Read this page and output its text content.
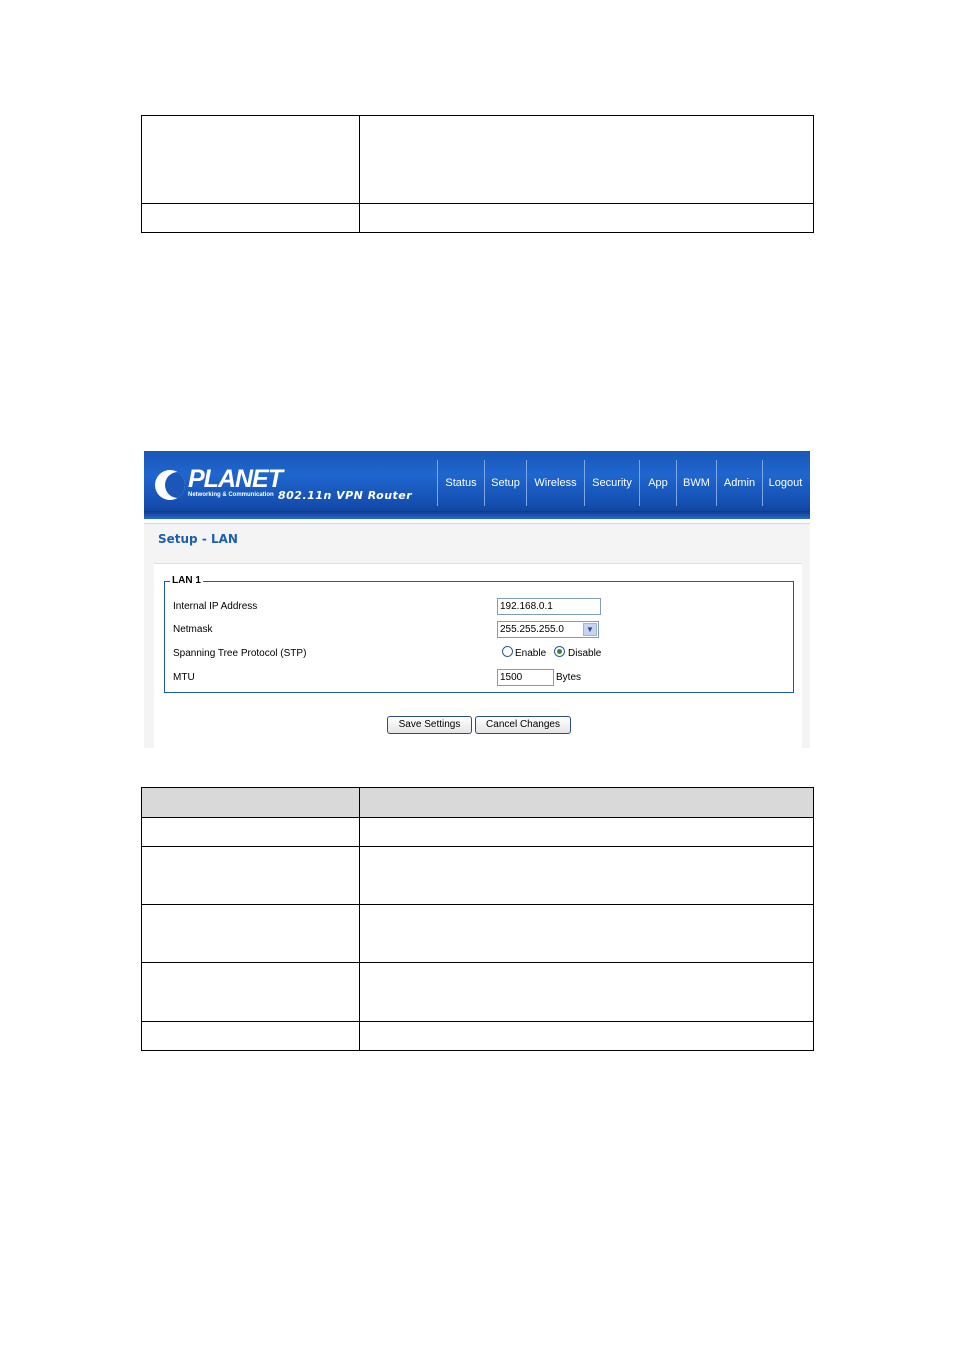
PLANET
Networking & Communication 802.11n VPN Router
Status	Setup	Wireless	Security	App	BWM	Admin	Logout
Setup - LAN
LAN 1
Internal IP Address	192.168.0.1
Netmask	255.255.255.0	▼
Spanning Tree Protocol (STP)	Enable Disable
MTU	1500	Bytes
Save Settings	Cancel Changes
